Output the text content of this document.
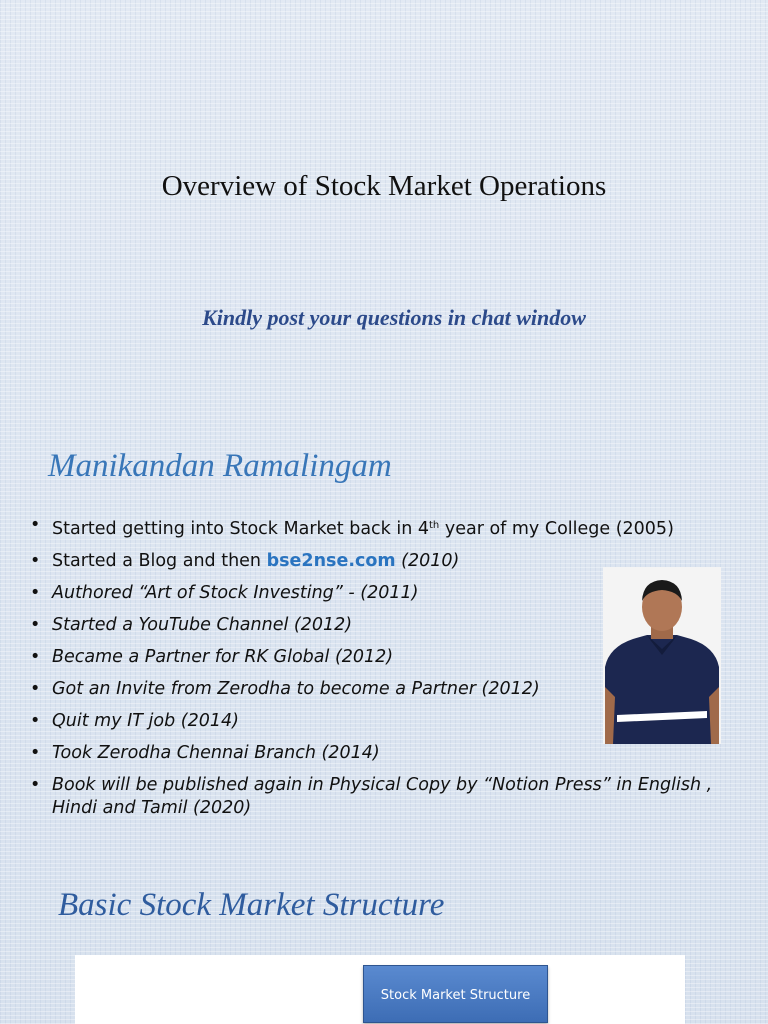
Overview of Stock Market Operations
Kindly post your questions in chat window
Manikandan Ramalingam
• Started getting into Stock Market back in 4th year of my College (2005)
• Started a Blog and then bse2nse.com (2010)
• Authored “Art of Stock Investing” - (2011)
• Started a YouTube Channel (2012)
• Became a Partner for RK Global (2012)
• Got an Invite from Zerodha to become a Partner (2012)
• Quit my IT job (2014)
• Took Zerodha Chennai Branch (2014)
• Book will be published again in Physical Copy by “Notion Press” in English , Hindi and Tamil (2020)
Basic Stock Market Structure
Stock Market Structure
